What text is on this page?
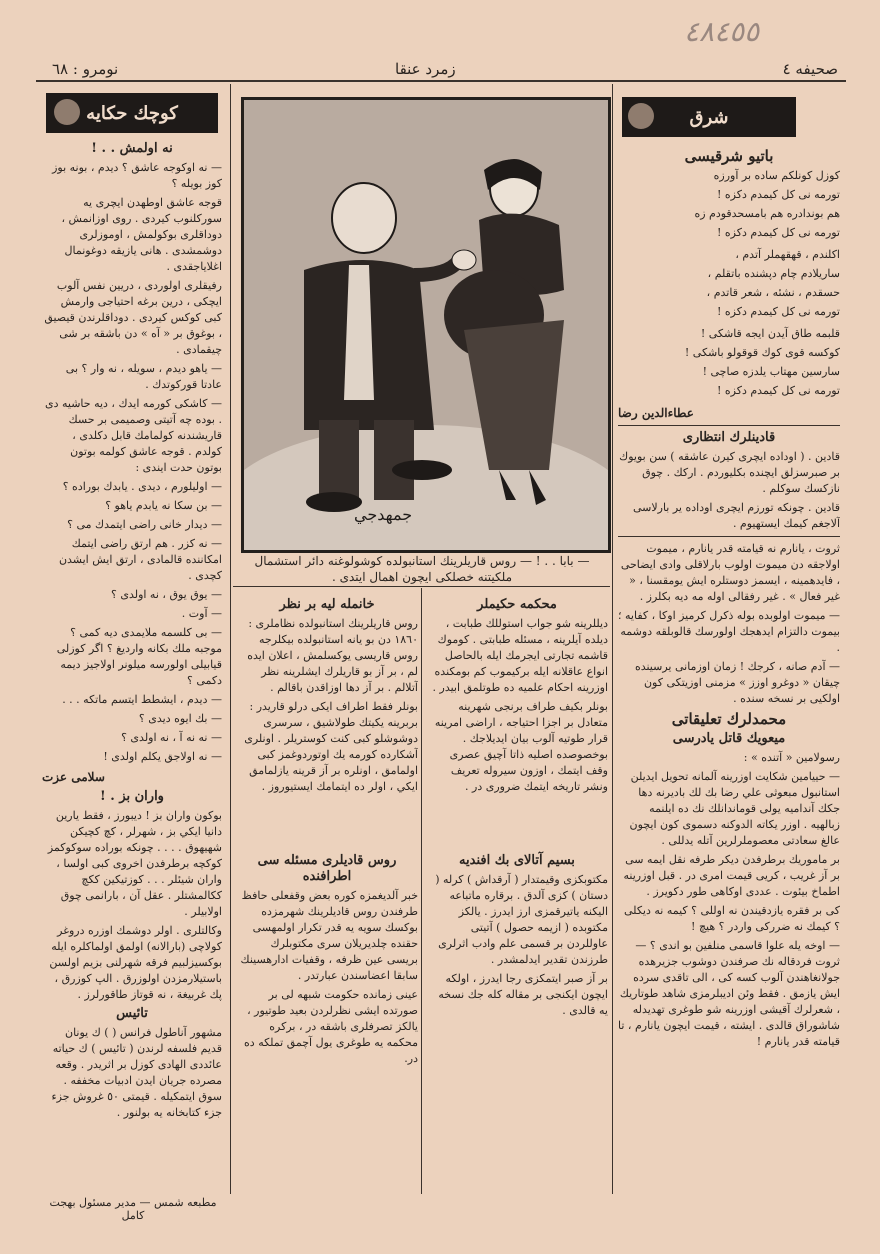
صحیفه ٤
زمرد عنقا
نومرو : ٦٨
٤٨٤٥٥
كوچك حكايه
نه اولمش . . !

— نه اوكوجه عاشق ؟ ديدم ، بونه بوز كوز بويله ؟

قوجه عاشق اوطهدن ايچرى يه سوركلنوب كيردى . روى اوزانمش ، دوداقلرى بوكولمش ، اوموزلرى دوشمشدى . هانى يازيقه دوغونمال اغلاياجقدى .

رفيقلرى اولوردى ، دريين نفس آلوب ايچكى ، درين برغه احتياجى وارمش كبى كوكس كيردى . دوداقلرندن قيصيق ، بوغوق بر « آه » دن باشقه بر شى چيقمادى .

— ياهو ديدم ، سويله ، نه وار ؟ بى عادتا قوركوتدك .

— كاشكى كورمه ايدك ، ديه حاشيه دى . بوده چه آتيتى وصميمى بر حسك قاريشندنه كولمامك قابل دكلدى ، كولدم . قوجه عاشق كولمه بوتون بوتون حدت ايندى :

— اوليلورم ، ديدى . يابدك بوراده ؟

— بن سكا نه يابدم ياهو ؟

— ديدار خانى راضى ايتمدك مى ؟

— نه كزر . هم ارتق راضى ايتمك امكاننده قالمادى ، ارتق ايش ايشدن كچدى .

— يوق يوق ، نه اولدى ؟

— آوت .

— بى كلسمه ملايمدى ديه كمى ؟ موجبه ملك بكانه وارديغ ؟ اگر كوزلى قيابيلى اولورسه ميلونر اولاجيز ديمه دكمى ؟

— ديدم ، ايشطط ايتسم ماتكه . . .

— بك ايوه ديدى ؟

— نه نه آ ، نه اولدى ؟

— نه اولاجق يكلم اولدى !

سلامی عزت
واران بز . !

بوكون واران بز ! ديبورز ، فقط يارين دانيا ايكي بز ، شهرلر ، كچ كچيكن شهيهوق . . . . چونكه بوراده سوكوكمز كوكچه برطرفدن اخروى كبى اولسا ، واران شيئلر . . . كوزتيكين ككچ ككالمشتلر . عقل آن ، بارانمى چوق اولابيلر .

وكالتلرى . اولر دوشمك اوزره دروغر كولاچى (بارالانه) اولمق اولماكلره ايله بوكسيزلبيم فرقه شهرلنى بزيم اولسن باستيلارمزدن اولوزرق . الپ كوزرق ، پك غربيغة ، نه قوتاز طاقورلرز .

تائيس

مشهور آناطول فرانس ( ) ك يونان قديم فلسفه لرندن ( تائيس ) ك حياته عائددى الهادى كوزل بر اثريدر . وقعه مصرده جريان ايدن ادبيات مخففه . سوق ايتمكيله . قيمتى ٥٠ غروش جزء جزء كتابخانه يه بولنور .

مطبعه شمس — مدير مسئول بهجت كامل
جمهدجي
— بابا . . ! — روس قاريلرينك استانبولده كوشولوغنه دائر استشمال ملكيتنه خصلكى ايچون اهمال ايتدى .
محكمه حكيملر

ديللرينه شو جواب استوللك طبابت ، ديلده آيلرينه ، مسئله طبابتى . كوموك قاشمه تجارتى ايجرمك ايله بالحاصل انواع عاقلانه ايله بركيموب كم بومكنده اوزرينه احكام علميه ده طوتلمق ابيدر .

بونلر بكيف طراف برنجى شهرينه متعادل بر اجزا احتياجه ، اراضى امرينه قرار طوتيه آلوب بيان ايديلاجك . بوخصوصده اصليه ذاتا آچيق عصرى وقف ايتمك ، اوزون سيروله تعريف ونشر تاريخه ايتمك ضرورى در .

خانمله ليه بر نظر

روس قاريلرينك استانبولده نظاملرى : ١٨٦٠ دن بو يانه استانبولده بيكلرجه روس قاريسى يوكسلمش ، اعلان ايده لم ، بر آز بو قاريلرك ايشلرينه نظر آتلالم . بر آز دها اوزاقدن باقالم .

بونلر فقط اطراف ايكى درلو قاريدر : بربرينه يكيتك طولاشيق ، سرسرى دوشوشلو كبى كنت كوستريلر . اونلرى آشكارده كورمه يك اوتوردوغمز كبى اولمامق ، اونلره بر آز قرينه يازلمامق ايكي ، اولر ده ايتمامك ايستيوروز .

بسيم آتالاى بك افنديه

مكتوبكزى وقيمتدار ( آرقداش ) كرله ( دستان ) كزى آلدق . برقاره ماتباعه اليكنه ياتيرقمزى ارز ايدرز . يالكز مكتوبده ( ازيمه حصول ) آتيتى عاوللردن بر قسمى علم وادب اثرلرى طرزندن تقدير ايدلمشدر .

بر آز صبر ايتمكزى رجا ايدرز ، اولكه ايچون ايكنجى بر مقاله كله جك نسخه يه قالدى .

روس قاديلرى مسئله سى اطرافنده

خبر آلديغمزه كوره بعض وقفعلى حافظ طرفندن روس قاديلرينك شهرمزده بوكسك سويه يه قدر تكرار اولمهسى حقنده چلديريلان سرى مكتوبلرك بريسى عين ظرفه ، وقفيات ادارهسينك سابقا اعضاسندن عبارتدر .

عينى زمانده حكومت شبهه لى بر صورتده ايشى نظرلردن بعيد طوتيور ، يالكز تصرفلرى باشقه در ، بركره محكمه يه طوغرى يول آچمق تملكه ده در.

شرق
باتيو شرقيسى

كوزل كونلكم ساده بر آورزه

تورمه نى كل كيمدم دكزه !

هم بوندادره هم بامسحدقودم زه

تورمه نى كل كيمدم دكزه !

اكلندم ، قهقهملر آتدم ،

ساريلادم چام دپشنده باتقلم ،

حسقدم ، نشئه ، شعر قاتدم ،

تورمه نى كل كيمدم دكزه !

قلبمه طاق آيدن ايجه قاشكى !

كوكسه قوى كوك قوقولو باشكى !

سارسين مهتاب يلدزه صاچى !

تورمه نى كل كيمدم دكزه !

عطاءالدين رضا
قادينلرك انتظارى

قادين . ( اوداده ايچرى كيرن عاشقه ) سن بويوك بر صبرسزلق ايچنده بكليوردم . اركك . چوق نازكسك سوكلم .

قادين . چونكه تورزم ايچرى اوداده ير بارلاسى آلاجغم كيمك ايستهيوم .

ثروت ، يانارم نه قيامته قدر يانارم ، ميموت اولاجقه دن ميموت اولوب بارلاقلى وادى ايضاحى ، فايدهمينه ، ايسمز دوستلره ايش يومقسنا ، « غير فعال » . غير رفقالى اوله مه ديه بكلرز .

— ميموت اولوبده بوله ذكرل كرميز اوكا ، كفايه ؛ بيموت دالتزام ايدهجك اولورسك قالوبلقه دوشمه .

— آدم صانه ، كرجك ! زمان اوزمانى يرسينده چيقان « دوغرو اوزز » مزمنى اوزيتكى كون اولكيى بر نسخه سنده .

محمدلرك تعليقاتى
ميعويك قاتل يادرسى

رسولامين « آتنده » :

— حييامين شكايت اوزرينه آلمانه تحويل ايديلن استانبول مبعوثى علي رضا بك لك باديرنه دها جكك آنداميه يولى قوماندانلك نك ده ايلنمه زبالهيه . اوزر يكاته الدوكنه دسموى كون ايچون عالغ سعادتى معصوملرلرين آتله يدللى .

بر ماموريك برطرفدن ديكر طرفه نقل ايمه سى بر آز غريب ، كريى قيمت امرى در . قبل اوزرينه اطماخ بيئوت . عددى اوكاهى طور دكويرز .

كى بر فقره يازدقيندن نه اوللى ؟ كيمه نه ديكلى ؟ كيمك نه ضرركى واردر ؟ هيچ !

— اوخه يله علوا قاسمى منلفين بو اندى ؟ — ثروت فردقاله نك صرفندن دوشوب جزيرهده جولانغاهندن آلوب كسه كى ، الى تاقدى سرده ايش يازمق . فقط وئن اديبلرمزى شاهد طوتاريك ، شعرلرك آقيشى اوزرينه شو طوغرى تهديدله شاشوراق قالدى . ايشته ، قيمت ايچون يانارم ، تا قيامته قدر يانارم !
